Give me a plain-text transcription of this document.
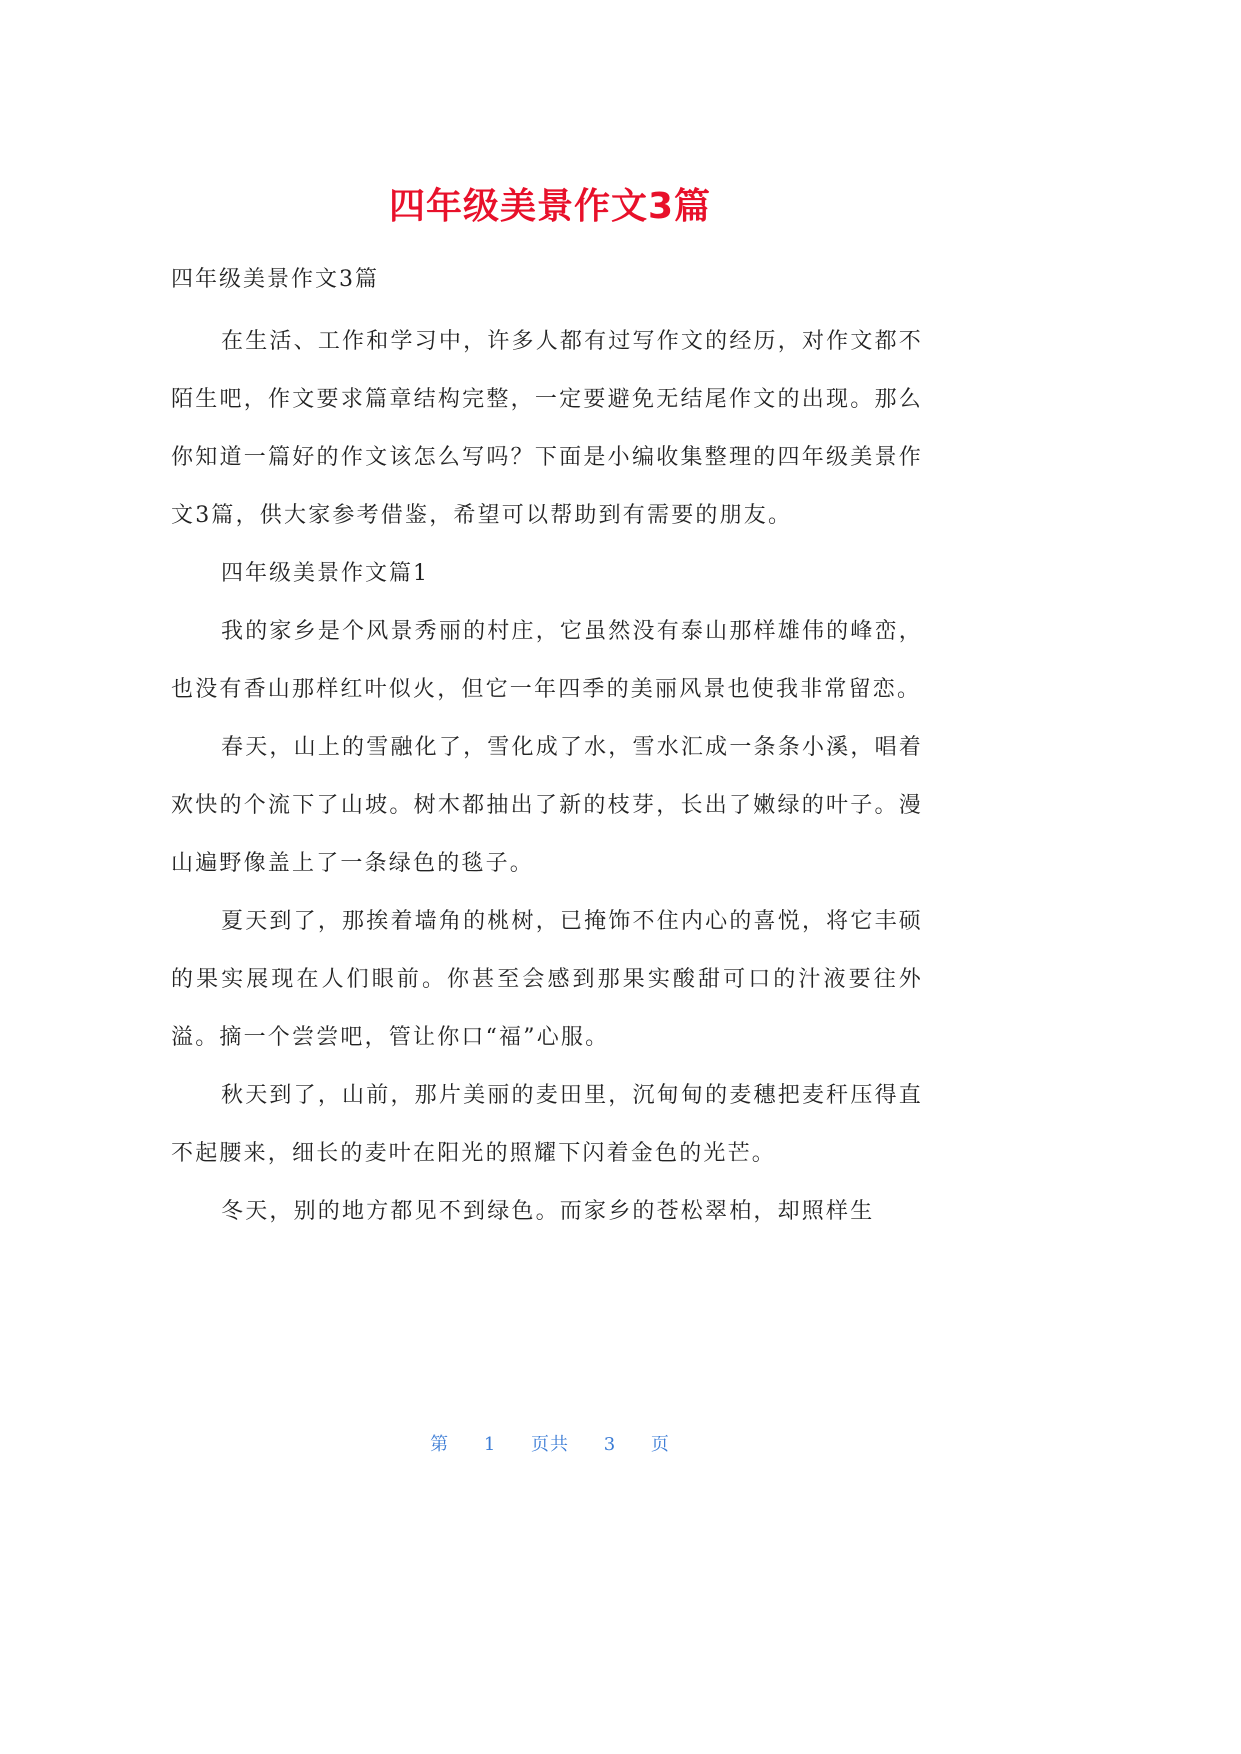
四年级美景作文3篇
四年级美景作文3篇

在生活、工作和学习中，许多人都有过写作文的经历，对作文都不陌生吧，作文要求篇章结构完整，一定要避免无结尾作文的出现。那么你知道一篇好的作文该怎么写吗？下面是小编收集整理的四年级美景作文3篇，供大家参考借鉴，希望可以帮助到有需要的朋友。

四年级美景作文篇1

我的家乡是个风景秀丽的村庄，它虽然没有泰山那样雄伟的峰峦，也没有香山那样红叶似火，但它一年四季的美丽风景也使我非常留恋。

春天，山上的雪融化了，雪化成了水，雪水汇成一条条小溪，唱着欢快的个流下了山坡。树木都抽出了新的枝芽，长出了嫩绿的叶子。漫山遍野像盖上了一条绿色的毯子。

夏天到了，那挨着墙角的桃树，已掩饰不住内心的喜悦，将它丰硕的果实展现在人们眼前。你甚至会感到那果实酸甜可口的汁液要往外溢。摘一个尝尝吧，管让你口“福”心服。

秋天到了，山前，那片美丽的麦田里，沉甸甸的麦穗把麦秆压得直不起腰来，细长的麦叶在阳光的照耀下闪着金色的光芒。

冬天，别的地方都见不到绿色。而家乡的苍松翠柏，却照样生

第 1 页共 3 页
